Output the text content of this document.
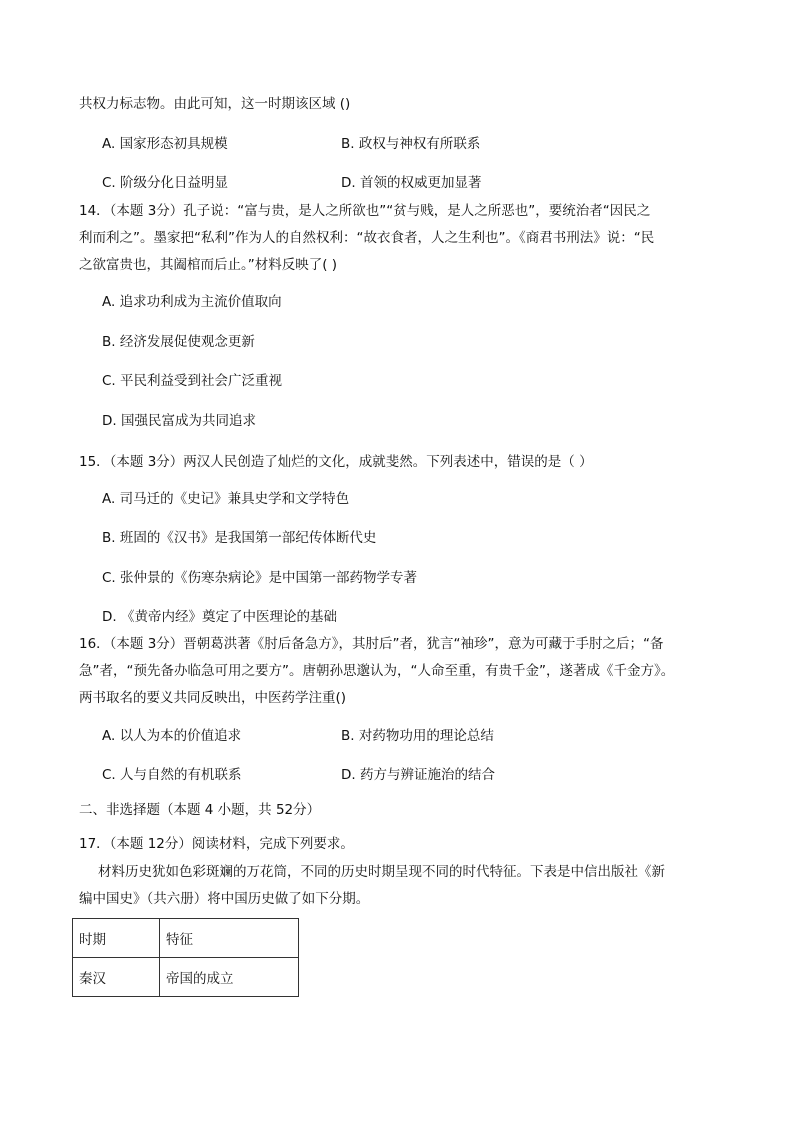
共权力标志物。由此可知，这一时期该区域 ()
A. 国家形态初具规模	B. 政权与神权有所联系
C. 阶级分化日益明显	D. 首领的权威更加显著
14．（本题 3分）孔子说：“富与贵，是人之所欲也”“贫与贱，是人之所恶也”，要统治者“因民之
利而利之”。墨家把“私利”作为人的自然权利：“故衣食者，人之生利也”。《商君书刑法》说：“民
之欲富贵也，其阖棺而后止。”材料反映了( )
A. 追求功利成为主流价值取向
B. 经济发展促使观念更新
C. 平民利益受到社会广泛重视
D. 国强民富成为共同追求
15．（本题 3分）两汉人民创造了灿烂的文化，成就斐然。下列表述中，错误的是（ ）
A. 司马迁的《史记》兼具史学和文学特色
B. 班固的《汉书》是我国第一部纪传体断代史
C. 张仲景的《伤寒杂病论》是中国第一部药物学专著
D. 《黄帝内经》奠定了中医理论的基础
16．（本题 3分）晋朝葛洪著《肘后备急方》，其肘后”者，犹言“袖珍”，意为可藏于手肘之后；“备
急”者，“预先备办临急可用之要方”。唐朝孙思邈认为，“人命至重，有贵千金”，遂著成《千金方》。
两书取名的要义共同反映出，中医药学注重()
A. 以人为本的价值追求	B. 对药物功用的理论总结
C. 人与自然的有机联系	D. 药方与辨证施治的结合
二、非选择题（本题 4 小题，共 52分）
17．（本题 12分）阅读材料，完成下列要求。
材料历史犹如色彩斑斓的万花筒，不同的历史时期呈现不同的时代特征。下表是中信出版社《新
编中国史》（共六册）将中国历史做了如下分期。
时期	特征
秦汉	帝国的成立
